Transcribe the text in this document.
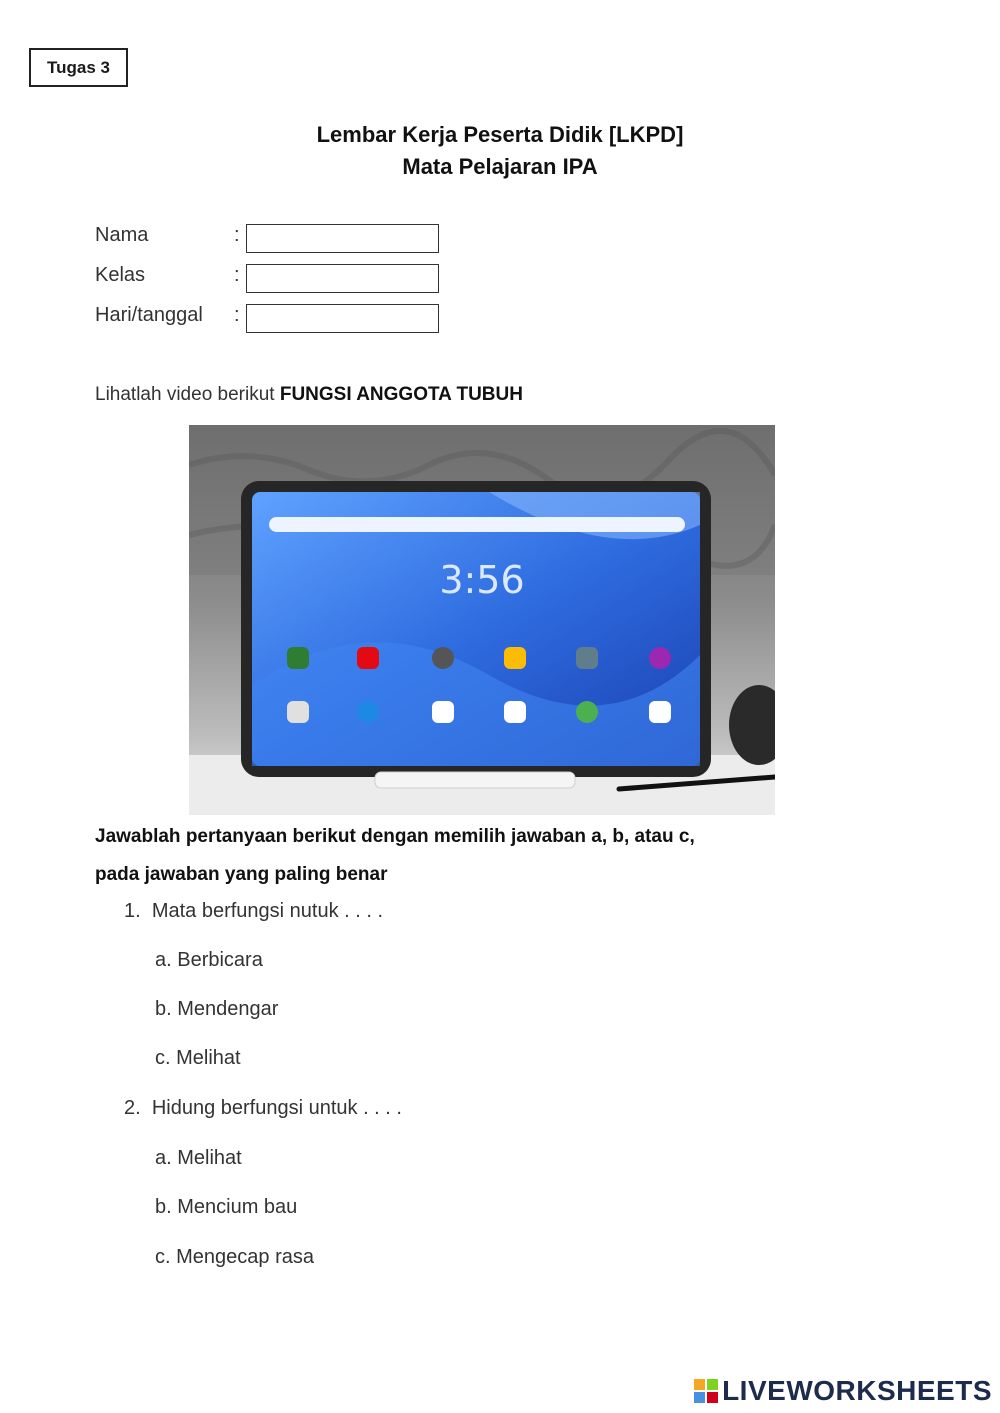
Tugas 3
Lembar Kerja Peserta Didik [LKPD]
Mata Pelajaran IPA
Nama	:
Kelas	:
Hari/tanggal :
Lihatlah video berikut FUNGSI ANGGOTA TUBUH
3:56
Jawablah pertanyaan berikut dengan memilih jawaban a, b, atau c,
pada jawaban yang paling benar
1. Mata berfungsi nutuk . . . .
a. Berbicara
b. Mendengar
c. Melihat
2. Hidung berfungsi untuk . . . .
a. Melihat
b. Mencium bau
c. Mengecap rasa
LIVEWORKSHEETS
